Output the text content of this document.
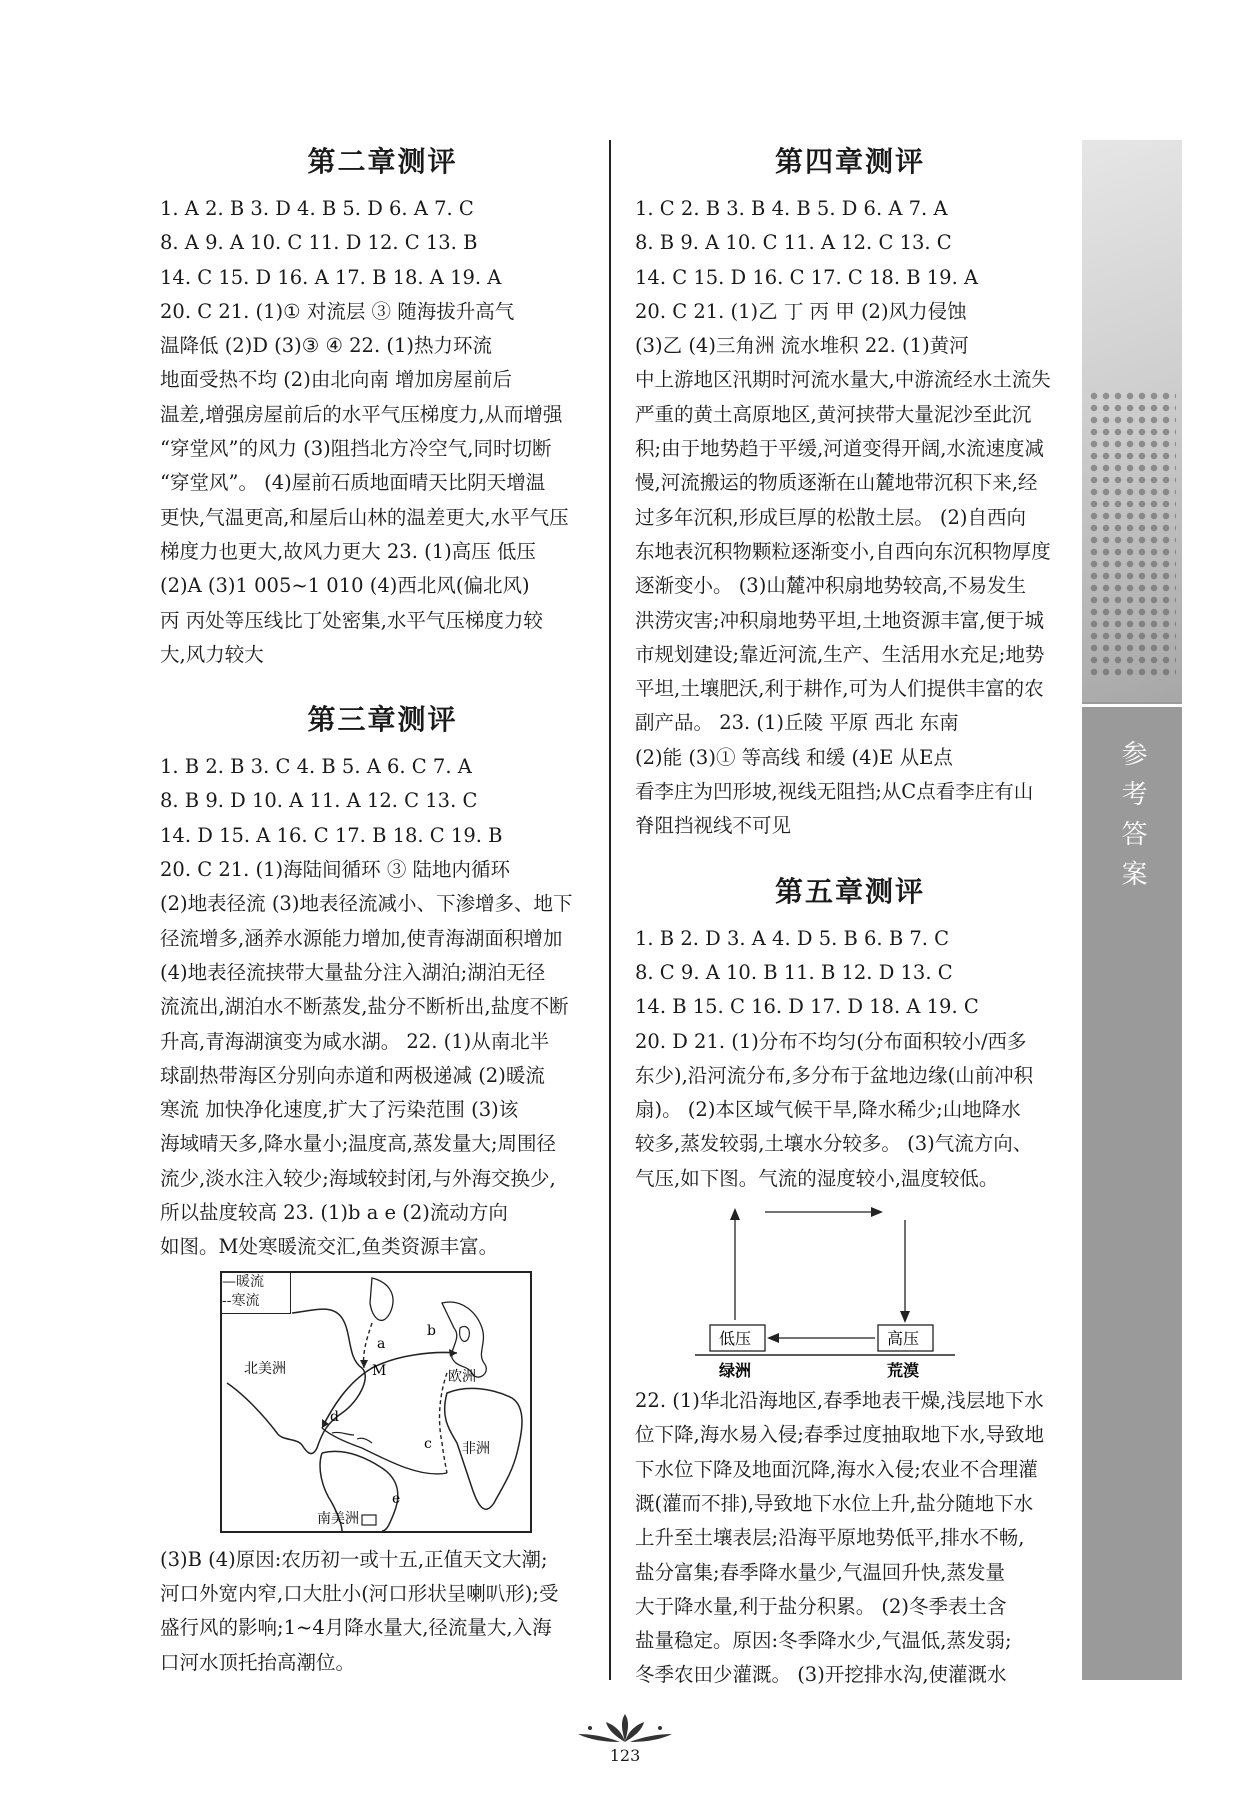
第二章测评

1. A 2. B 3. D 4. B 5. D 6. A 7. C

8. A 9. A 10. C 11. D 12. C 13. B

14. C 15. D 16. A 17. B 18. A 19. A

20. C 21. (1)① 对流层 ③ 随海拔升高气

温降低 (2)D (3)③ ④ 22. (1)热力环流

地面受热不均 (2)由北向南 增加房屋前后

温差,增强房屋前后的水平气压梯度力,从而增强

“穿堂风”的风力 (3)阻挡北方冷空气,同时切断

“穿堂风”。 (4)屋前石质地面晴天比阴天增温

更快,气温更高,和屋后山林的温差更大,水平气压

梯度力也更大,故风力更大 23. (1)高压 低压

(2)A (3)1 005~1 010 (4)西北风(偏北风)

丙 丙处等压线比丁处密集,水平气压梯度力较

大,风力较大

第三章测评

1. B 2. B 3. C 4. B 5. A 6. C 7. A

8. B 9. D 10. A 11. A 12. C 13. C

14. D 15. A 16. C 17. B 18. C 19. B

20. C 21. (1)海陆间循环 ③ 陆地内循环

(2)地表径流 (3)地表径流减小、下渗增多、地下

径流增多,涵养水源能力增加,使青海湖面积增加

(4)地表径流挟带大量盐分注入湖泊;湖泊无径

流流出,湖泊水不断蒸发,盐分不断析出,盐度不断

升高,青海湖演变为咸水湖。 22. (1)从南北半

球副热带海区分别向赤道和两极递减 (2)暖流

寒流 加快净化速度,扩大了污染范围 (3)该

海域晴天多,降水量小;温度高,蒸发量大;周围径

流少,淡水注入较少;海域较封闭,与外海交换少,

所以盐度较高 23. (1)b a e (2)流动方向

如图。M处寒暖流交汇,鱼类资源丰富。

北美洲	欧洲
非洲
南美洲
a
b
c
d
e
M
—暖流
‐‐寒流

(3)B (4)原因:农历初一或十五,正值天文大潮;

河口外宽内窄,口大肚小(河口形状呈喇叭形);受

盛行风的影响;1~4月降水量大,径流量大,入海

口河水顶托抬高潮位。

第四章测评

1. C 2. B 3. B 4. B 5. D 6. A 7. A

8. B 9. A 10. C 11. A 12. C 13. C

14. C 15. D 16. C 17. C 18. B 19. A

20. C 21. (1)乙 丁 丙 甲 (2)风力侵蚀

(3)乙 (4)三角洲 流水堆积 22. (1)黄河

中上游地区汛期时河流水量大,中游流经水土流失

严重的黄土高原地区,黄河挟带大量泥沙至此沉

积;由于地势趋于平缓,河道变得开阔,水流速度减

慢,河流搬运的物质逐渐在山麓地带沉积下来,经

过多年沉积,形成巨厚的松散土层。 (2)自西向

东地表沉积物颗粒逐渐变小,自西向东沉积物厚度

逐渐变小。 (3)山麓冲积扇地势较高,不易发生

洪涝灾害;冲积扇地势平坦,土地资源丰富,便于城

市规划建设;靠近河流,生产、生活用水充足;地势

平坦,土壤肥沃,利于耕作,可为人们提供丰富的农

副产品。 23. (1)丘陵 平原 西北 东南

(2)能 (3)① 等高线 和缓 (4)E 从E点

看李庄为凹形坡,视线无阻挡;从C点看李庄有山

脊阻挡视线不可见

第五章测评

1. B 2. D 3. A 4. D 5. B 6. B 7. C

8. C 9. A 10. B 11. B 12. D 13. C

14. B 15. C 16. D 17. D 18. A 19. C

20. D 21. (1)分布不均匀(分布面积较小/西多

东少),沿河流分布,多分布于盆地边缘(山前冲积

扇)。 (2)本区域气候干旱,降水稀少;山地降水

较多,蒸发较弱,土壤水分较多。 (3)气流方向、

气压,如下图。气流的湿度较小,温度较低。

低压	高压
绿洲	荒漠

22. (1)华北沿海地区,春季地表干燥,浅层地下水

位下降,海水易入侵;春季过度抽取地下水,导致地

下水位下降及地面沉降,海水入侵;农业不合理灌

溉(灌而不排),导致地下水位上升,盐分随地下水

上升至土壤表层;沿海平原地势低平,排水不畅,

盐分富集;春季降水量少,气温回升快,蒸发量

大于降水量,利于盐分积累。 (2)冬季表土含

盐量稳定。原因:冬季降水少,气温低,蒸发弱;

冬季农田少灌溉。 (3)开挖排水沟,使灌溉水

参考答案
123
